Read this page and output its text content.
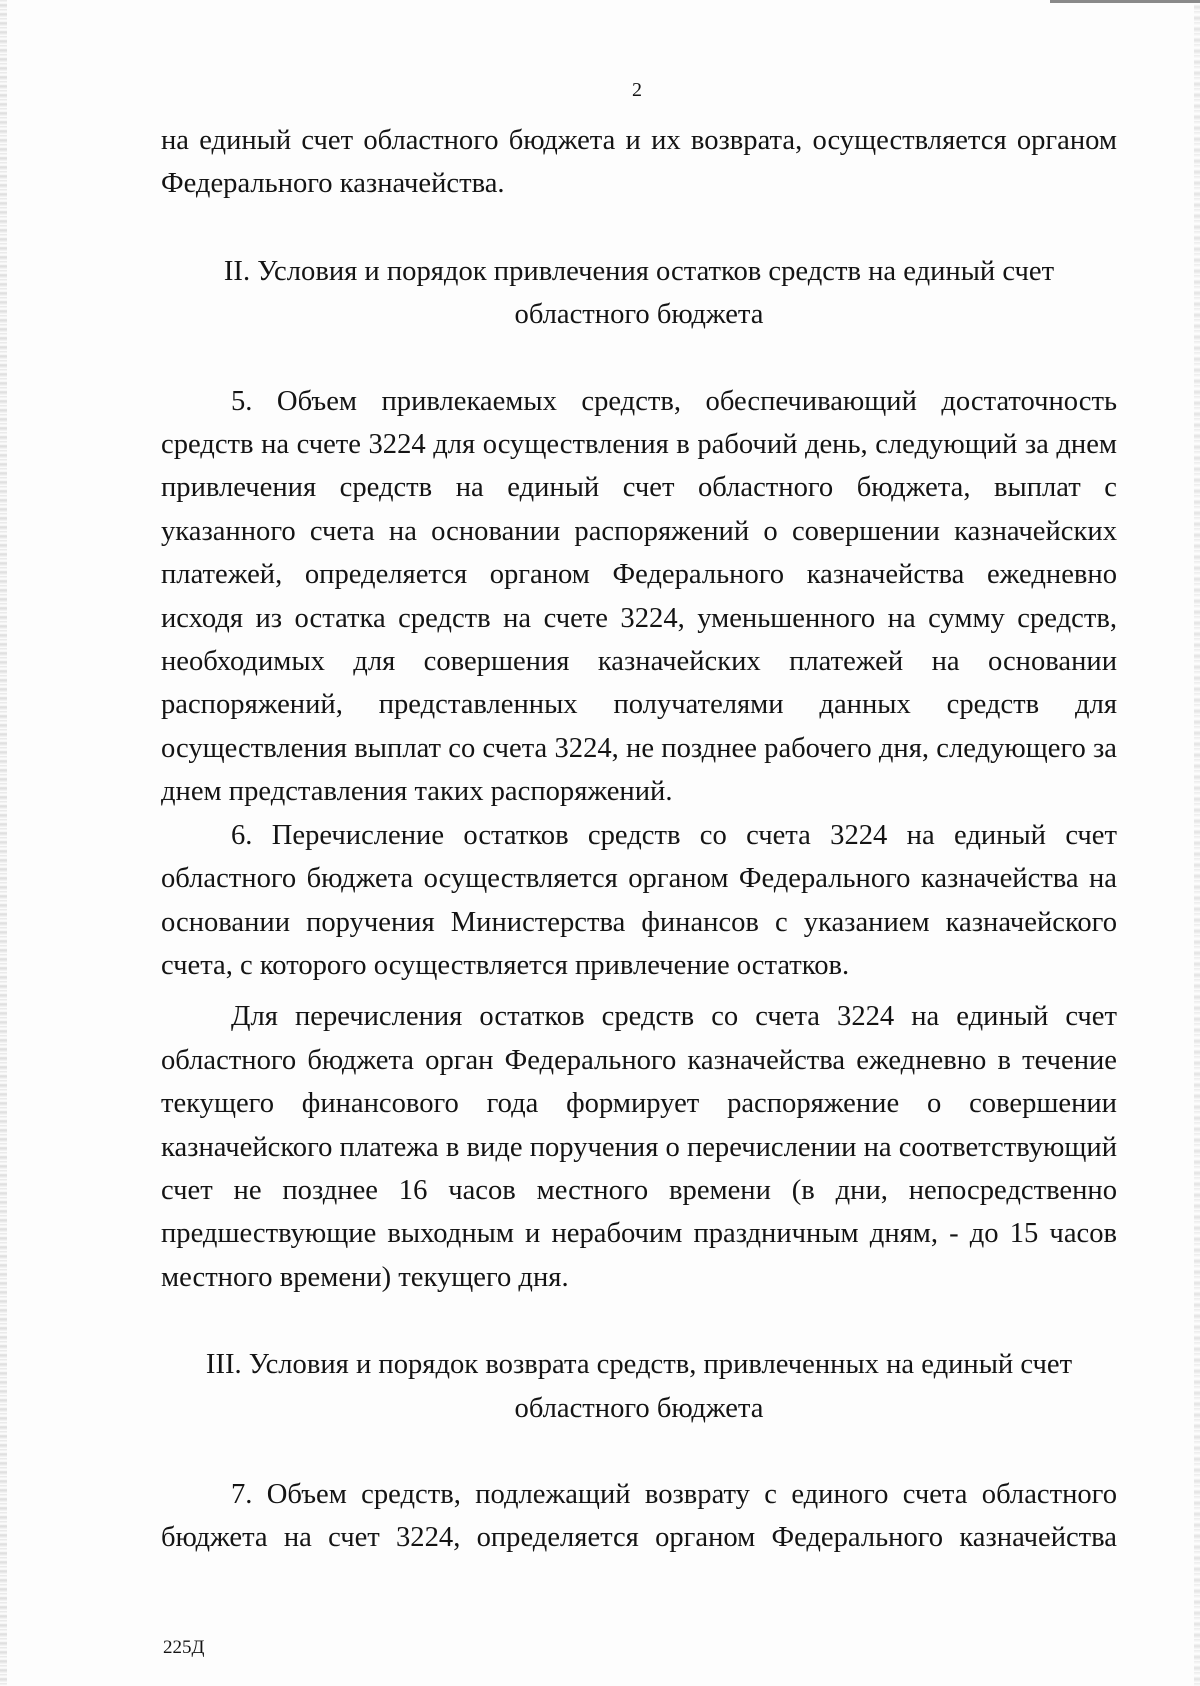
2

на единый счет областного бюджета и их возврата, осуществляется органом Федерального казначейства.

II. Условия и порядок привлечения остатков средств на единый счет областного бюджета

5. Объем привлекаемых средств, обеспечивающий достаточность средств на счете 3224 для осуществления в рабочий день, следующий за днем привлечения средств на единый счет областного бюджета, выплат с указанного счета на основании распоряжений о совершении казначейских платежей, определяется органом Федерального казначейства ежедневно исходя из остатка средств на счете 3224, уменьшенного на сумму средств, необходимых для совершения казначейских платежей на основании распоряжений, представленных получателями данных средств для осуществления выплат со счета 3224, не позднее рабочего дня, следующего за днем представления таких распоряжений.

6. Перечисление остатков средств со счета 3224 на единый счет областного бюджета осуществляется органом Федерального казначейства на основании поручения Министерства финансов с указанием казначейского счета, с которого осуществляется привлечение остатков.

Для перечисления остатков средств со счета 3224 на единый счет областного бюджета орган Федерального казначейства ежедневно в течение текущего финансового года формирует распоряжение о совершении казначейского платежа в виде поручения о перечислении на соответствующий счет не позднее 16 часов местного времени (в дни, непосредственно предшествующие выходным и нерабочим праздничным дням, - до 15 часов местного времени) текущего дня.

III. Условия и порядок возврата средств, привлеченных на единый счет областного бюджета

7. Объем средств, подлежащий возврату с единого счета областного бюджета на счет 3224, определяется органом Федерального казначейства

225Д
